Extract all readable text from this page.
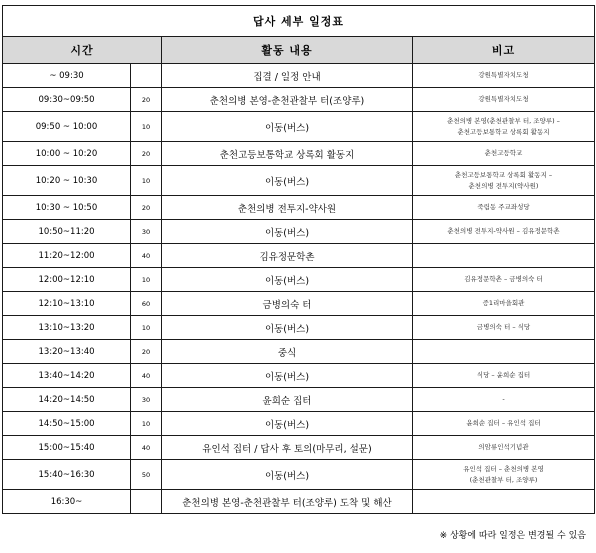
답사 세부 일정표			
시간		활동 내용	비고
~ 09:30		집결 / 일정 안내	강원특별자치도청
09:30~09:50	20	춘천의병 본영-춘천관찰부 터(조양루)	강원특별자치도청
09:50 ~ 10:00	10	이동(버스)	춘천의병 본영(춘천관찰부 터, 조양루) –
춘천고등보통학교 상록회 활동지
10:00 ~ 10:20	20	춘천고등보통학교 상록회 활동지	춘천고등학교
10:20 ~ 10:30	10	이동(버스)	춘천고등보통학교 상록회 활동지 –
춘천의병 전투지(약사원)
10:30 ~ 10:50	20	춘천의병 전투지-약사원	죽림동 주교좌성당
10:50~11:20	30	이동(버스)	춘천의병 전투지-약사원 – 김유정문학촌
11:20~12:00	40	김유정문학촌	
12:00~12:10	10	이동(버스)	김유정문학촌 – 금병의숙 터
12:10~13:10	60	금병의숙 터	증1리마을회관
13:10~13:20	10	이동(버스)	금병의숙 터 – 식당
13:20~13:40	20	중식	
13:40~14:20	40	이동(버스)	식당 – 윤희순 집터
14:20~14:50	30	윤희순 집터	-
14:50~15:00	10	이동(버스)	윤희순 집터 – 유인석 집터
15:00~15:40	40	유인석 집터 / 답사 후 토의(마무리, 설문)	의암류인석기념관
15:40~16:30	50	이동(버스)	유인석 집터 – 춘천의병 본영
(춘천관찰부 터, 조양루)
16:30~		춘천의병 본영-춘천관찰부 터(조양루) 도착 및 해산	
※ 상황에 따라 일정은 변경될 수 있음
